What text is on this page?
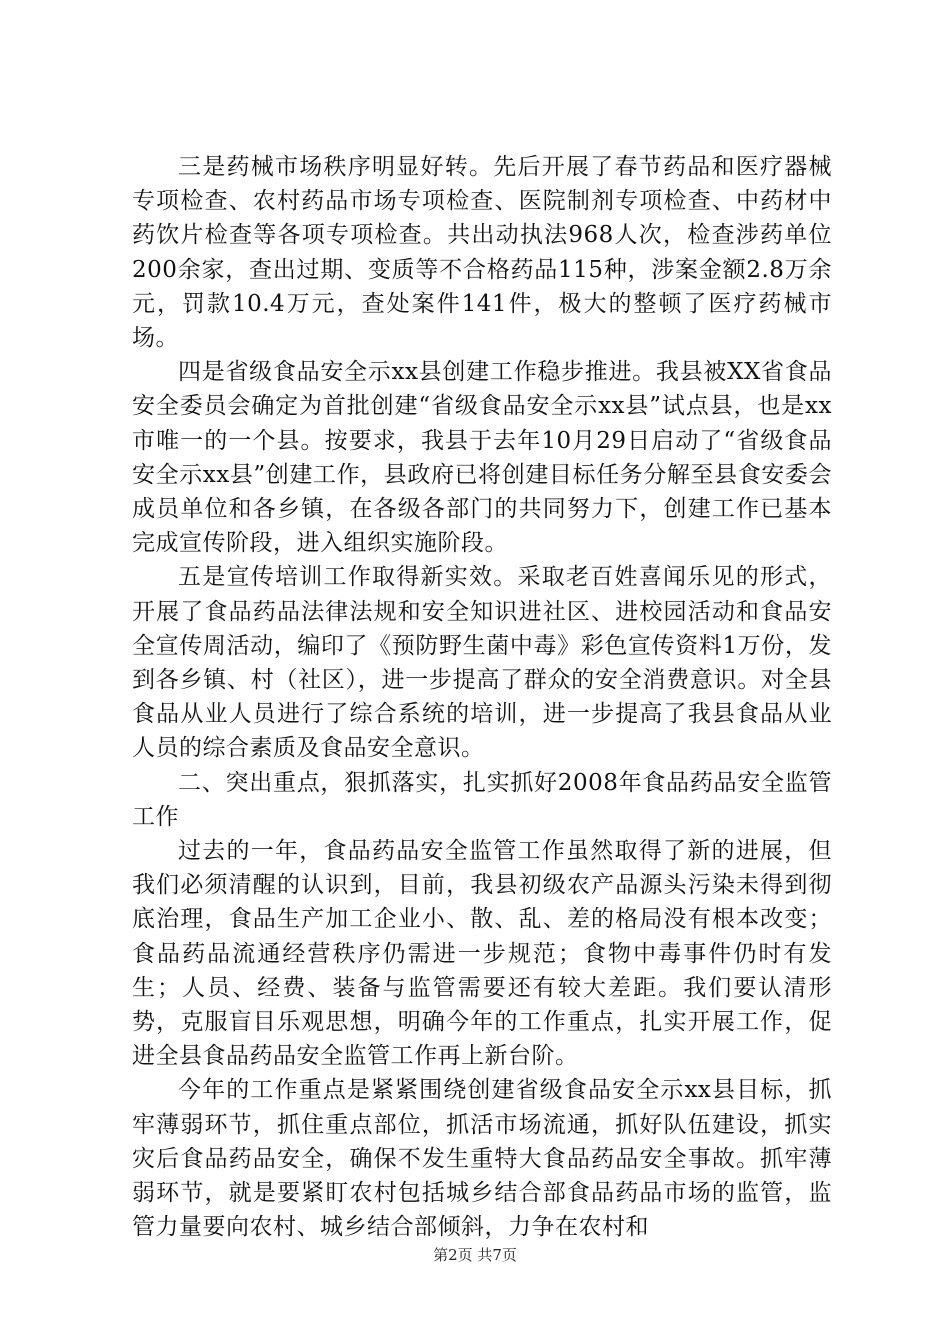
三是药械市场秩序明显好转。先后开展了春节药品和医疗器械专项检查、农村药品市场专项检查、医院制剂专项检查、中药材中药饮片检查等各项专项检查。共出动执法968人次，检查涉药单位200余家，查出过期、变质等不合格药品115种，涉案金额2.8万余元，罚款10.4万元，查处案件141件，极大的整顿了医疗药械市场。

四是省级食品安全示xx县创建工作稳步推进。我县被XX省食品安全委员会确定为首批创建“省级食品安全示xx县”试点县，也是xx市唯一的一个县。按要求，我县于去年10月29日启动了“省级食品安全示xx县”创建工作，县政府已将创建目标任务分解至县食安委会成员单位和各乡镇，在各级各部门的共同努力下，创建工作已基本完成宣传阶段，进入组织实施阶段。

五是宣传培训工作取得新实效。采取老百姓喜闻乐见的形式，开展了食品药品法律法规和安全知识进社区、进校园活动和食品安全宣传周活动，编印了《预防野生菌中毒》彩色宣传资料1万份，发到各乡镇、村（社区），进一步提高了群众的安全消费意识。对全县食品从业人员进行了综合系统的培训，进一步提高了我县食品从业人员的综合素质及食品安全意识。

二、突出重点，狠抓落实，扎实抓好2008年食品药品安全监管工作

过去的一年，食品药品安全监管工作虽然取得了新的进展，但我们必须清醒的认识到，目前，我县初级农产品源头污染未得到彻底治理，食品生产加工企业小、散、乱、差的格局没有根本改变；食品药品流通经营秩序仍需进一步规范；食物中毒事件仍时有发生；人员、经费、装备与监管需要还有较大差距。我们要认清形势，克服盲目乐观思想，明确今年的工作重点，扎实开展工作，促进全县食品药品安全监管工作再上新台阶。

今年的工作重点是紧紧围绕创建省级食品安全示xx县目标，抓牢薄弱环节，抓住重点部位，抓活市场流通，抓好队伍建设，抓实灾后食品药品安全，确保不发生重特大食品药品安全事故。抓牢薄弱环节，就是要紧盯农村包括城乡结合部食品药品市场的监管，监管力量要向农村、城乡结合部倾斜，力争在农村和

第2页 共7页
